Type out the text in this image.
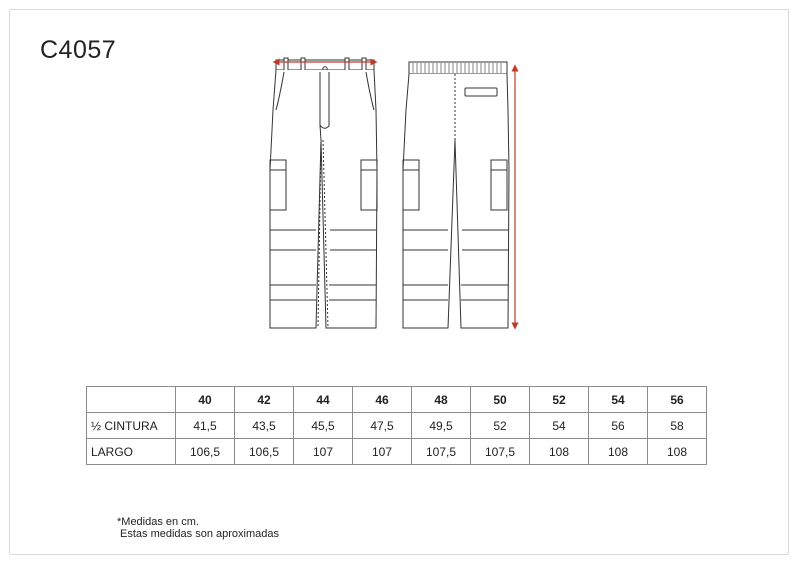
C4057
	40	42	44	46	48	50	52	54	56
½ CINTURA	41,5	43,5	45,5	47,5	49,5	52	54	56	58
LARGO	106,5	106,5	107	107	107,5	107,5	108	108	108
*Medidas en cm.
Estas medidas son aproximadas
